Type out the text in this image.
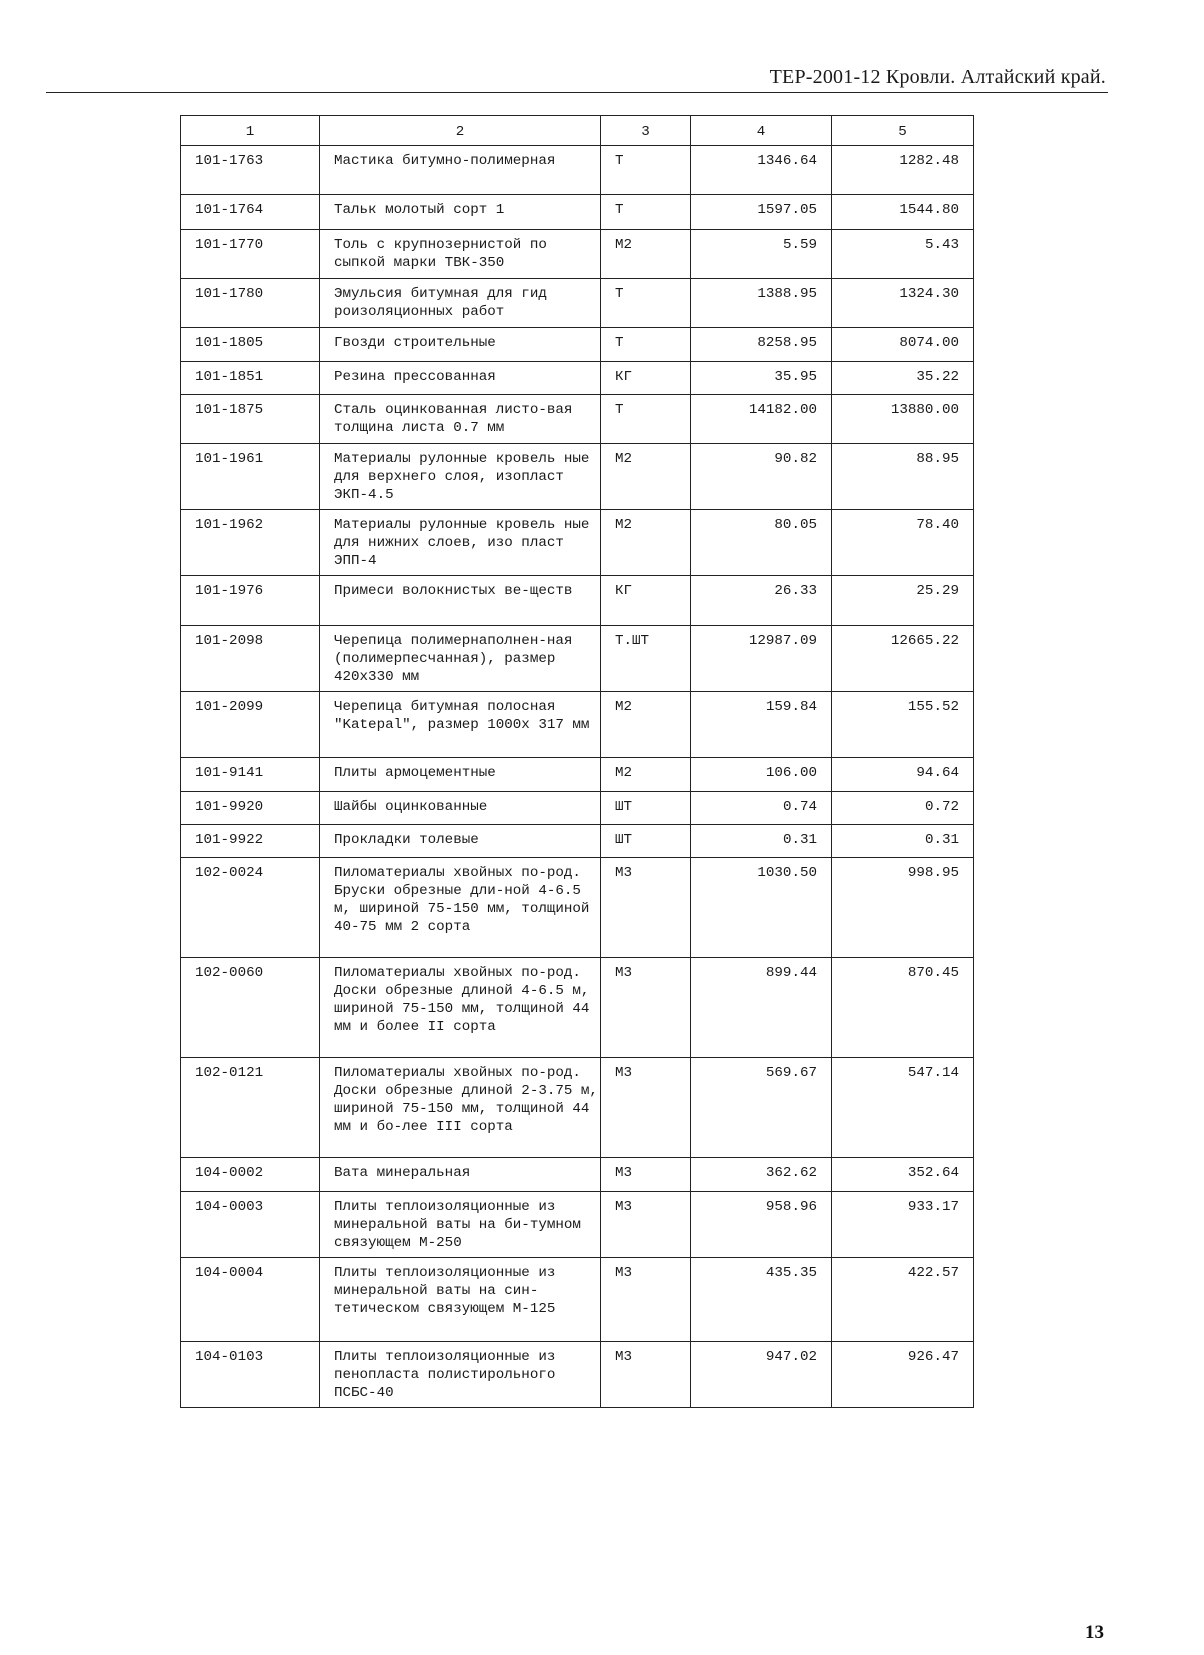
ТЕР-2001-12 Кровли. Алтайский край.
1	2	3	4	5
101-1763	Мастика битумно-полимерная	Т	1346.64	1282.48
101-1764	Тальк молотый сорт 1	Т	1597.05	1544.80
101-1770	Толь с крупнозернистой по сыпкой марки ТВК-350	М2	5.59	5.43
101-1780	Эмульсия битумная для гид роизоляционных работ	Т	1388.95	1324.30
101-1805	Гвозди строительные	Т	8258.95	8074.00
101-1851	Резина прессованная	КГ	35.95	35.22
101-1875	Сталь оцинкованная листо-вая толщина листа 0.7 мм	Т	14182.00	13880.00
101-1961	Материалы рулонные кровель ные для верхнего слоя, изопласт ЭКП-4.5	М2	90.82	88.95
101-1962	Материалы рулонные кровель ные для нижних слоев, изо пласт ЭПП-4	М2	80.05	78.40
101-1976	Примеси волокнистых ве-ществ	КГ	26.33	25.29
101-2098	Черепица полимернаполнен-ная (полимерпесчанная), размер 420х330 мм	Т.ШТ	12987.09	12665.22
101-2099	Черепица битумная полосная "Katepal", размер 1000х 317 мм	М2	159.84	155.52
101-9141	Плиты армоцементные	М2	106.00	94.64
101-9920	Шайбы оцинкованные	ШТ	0.74	0.72
101-9922	Прокладки толевые	ШТ	0.31	0.31
102-0024	Пиломатериалы хвойных по-род. Бруски обрезные дли-ной 4-6.5 м, шириной 75-150 мм, толщиной 40-75 мм 2 сорта	М3	1030.50	998.95
102-0060	Пиломатериалы хвойных по-род. Доски обрезные длиной 4-6.5 м, шириной 75-150 мм, толщиной 44 мм и более II сорта	М3	899.44	870.45
102-0121	Пиломатериалы хвойных по-род. Доски обрезные длиной 2-3.75 м, шириной 75-150 мм, толщиной 44 мм и бо-лее III сорта	М3	569.67	547.14
104-0002	Вата минеральная	М3	362.62	352.64
104-0003	Плиты теплоизоляционные из минеральной ваты на би-тумном связующем М-250	М3	958.96	933.17
104-0004	Плиты теплоизоляционные из минеральной ваты на син-тетическом связующем М-125	М3	435.35	422.57
104-0103	Плиты теплоизоляционные из пенопласта полистирольного ПСБС-40	М3	947.02	926.47
13
